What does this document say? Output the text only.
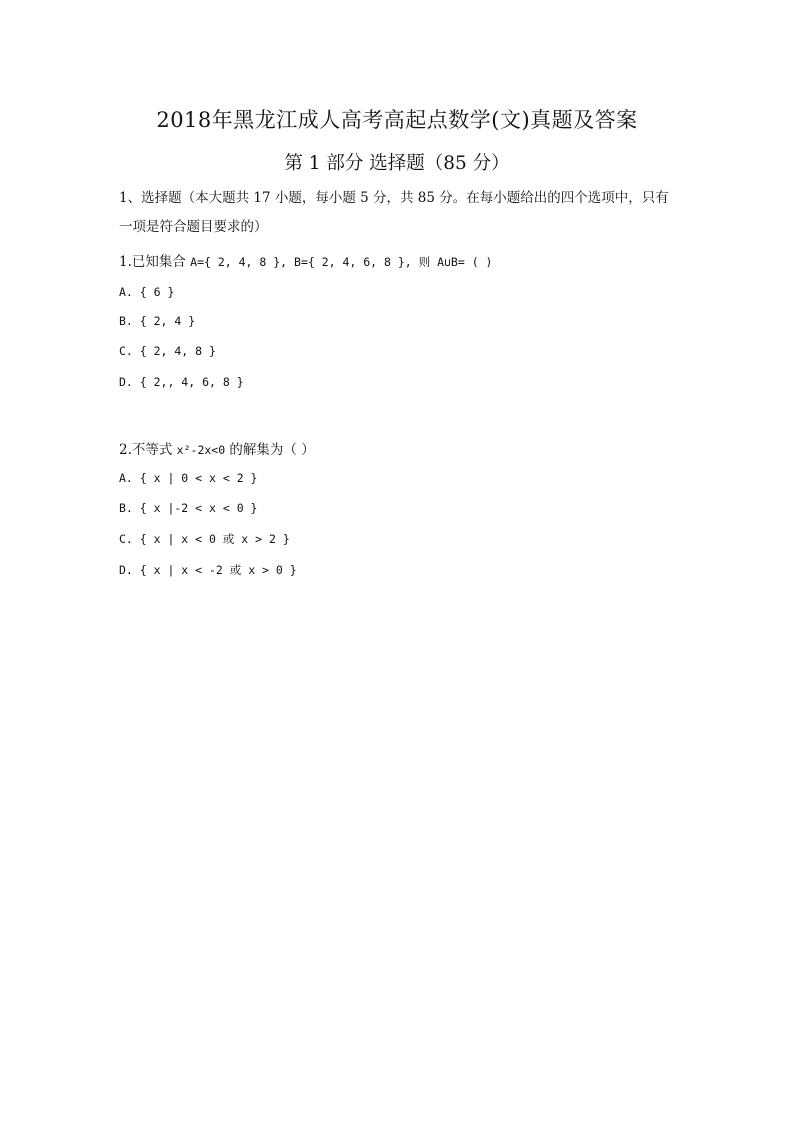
2018年黑龙江成人高考高起点数学(文)真题及答案
第 1 部分 选择题（85 分）
1、选择题（本大题共 17 小题，每小题 5 分，共 85 分。在每小题给出的四个选项中，只有
一项是符合题目要求的）
1.已知集合 A={ 2, 4, 8 }, B={ 2, 4, 6, 8 }, 则 A∪B= ( )
A. { 6 }
B. { 2, 4 }
C. { 2, 4, 8 }
D. { 2,, 4, 6, 8 }
2.不等式 x²-2x<0 的解集为（ ）
A. { x | 0 < x < 2 }
B. { x |-2 < x < 0 }
C. { x | x < 0 或 x > 2 }
D. { x | x < -2 或 x > 0 }
